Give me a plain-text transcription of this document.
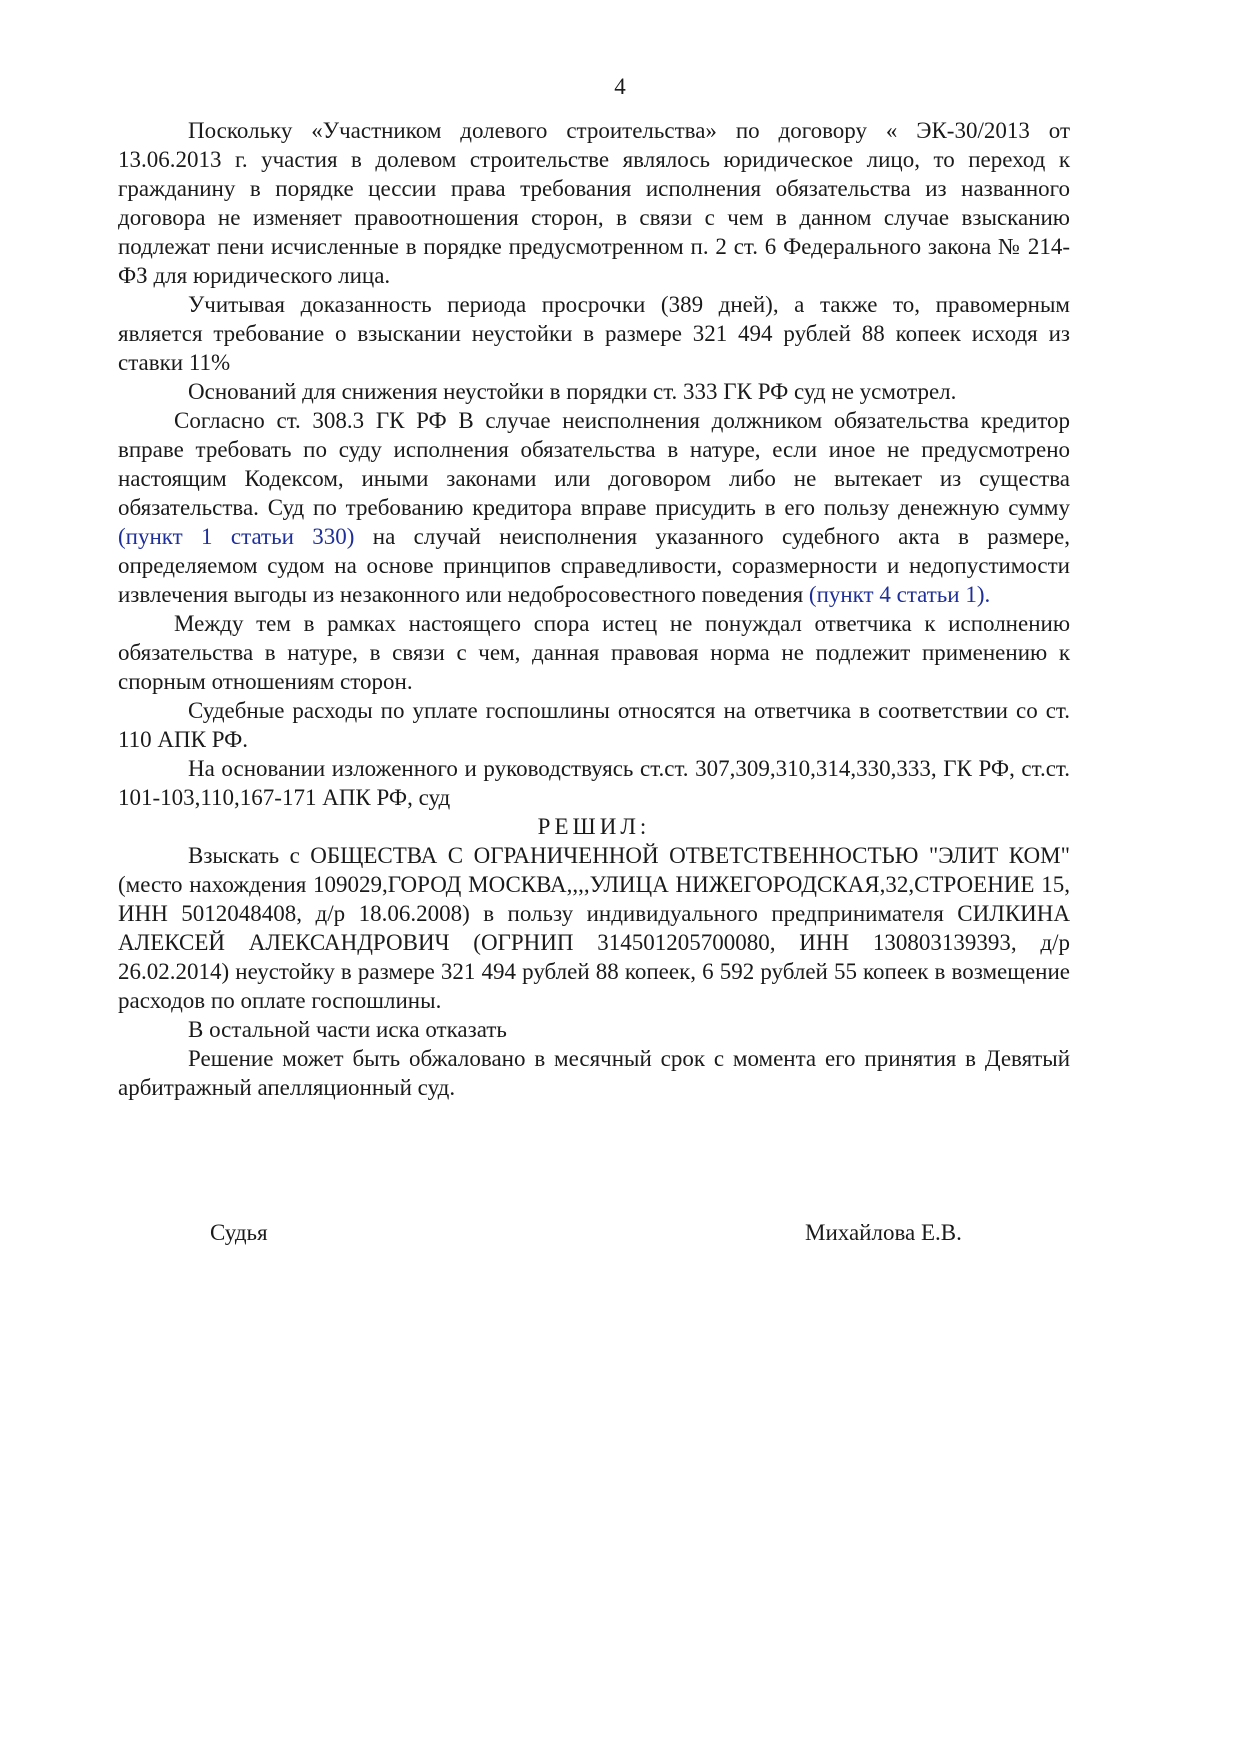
4

Поскольку «Участником долевого строительства» по договору « ЭК-30/2013 от 13.06.2013 г. участия в долевом строительстве являлось юридическое лицо, то переход к гражданину в порядке цессии права требования исполнения обязательства из названного договора не изменяет правоотношения сторон, в связи с чем в данном случае взысканию подлежат пени исчисленные в порядке предусмотренном п. 2 ст. 6 Федерального закона № 214-ФЗ для юридического лица.

Учитывая доказанность периода просрочки (389 дней), а также то, правомерным является требование о взыскании неустойки в размере 321 494 рублей 88 копеек исходя из ставки 11%

Оснований для снижения неустойки в порядки ст. 333 ГК РФ суд не усмотрел.

Согласно ст. 308.3 ГК РФ В случае неисполнения должником обязательства кредитор вправе требовать по суду исполнения обязательства в натуре, если иное не предусмотрено настоящим Кодексом, иными законами или договором либо не вытекает из существа обязательства. Суд по требованию кредитора вправе присудить в его пользу денежную сумму (пункт 1 статьи 330) на случай неисполнения указанного судебного акта в размере, определяемом судом на основе принципов справедливости, соразмерности и недопустимости извлечения выгоды из незаконного или недобросовестного поведения (пункт 4 статьи 1).

Между тем в рамках настоящего спора истец не понуждал ответчика к исполнению обязательства в натуре, в связи с чем, данная правовая норма не подлежит применению к спорным отношениям сторон.

Судебные расходы по уплате госпошлины относятся на ответчика в соответствии со ст. 110 АПК РФ.

На основании изложенного и руководствуясь ст.ст. 307,309,310,314,330,333, ГК РФ, ст.ст. 101-103,110,167-171 АПК РФ, суд

РЕШИЛ:

Взыскать с ОБЩЕСТВА С ОГРАНИЧЕННОЙ ОТВЕТСТВЕННОСТЬЮ "ЭЛИТ КОМ" (место нахождения 109029,ГОРОД МОСКВА,,,,УЛИЦА НИЖЕГОРОДСКАЯ,32,СТРОЕНИЕ 15, ИНН 5012048408, д/р 18.06.2008) в пользу индивидуального предпринимателя СИЛКИНА АЛЕКСЕЙ АЛЕКСАНДРОВИЧ (ОГРНИП 314501205700080, ИНН 130803139393, д/р 26.02.2014) неустойку в размере 321 494 рублей 88 копеек, 6 592 рублей 55 копеек в возмещение расходов по оплате госпошлины.

В остальной части иска отказать

Решение может быть обжаловано в месячный срок с момента его принятия в Девятый арбитражный апелляционный суд.

Судья	Михайлова Е.В.
